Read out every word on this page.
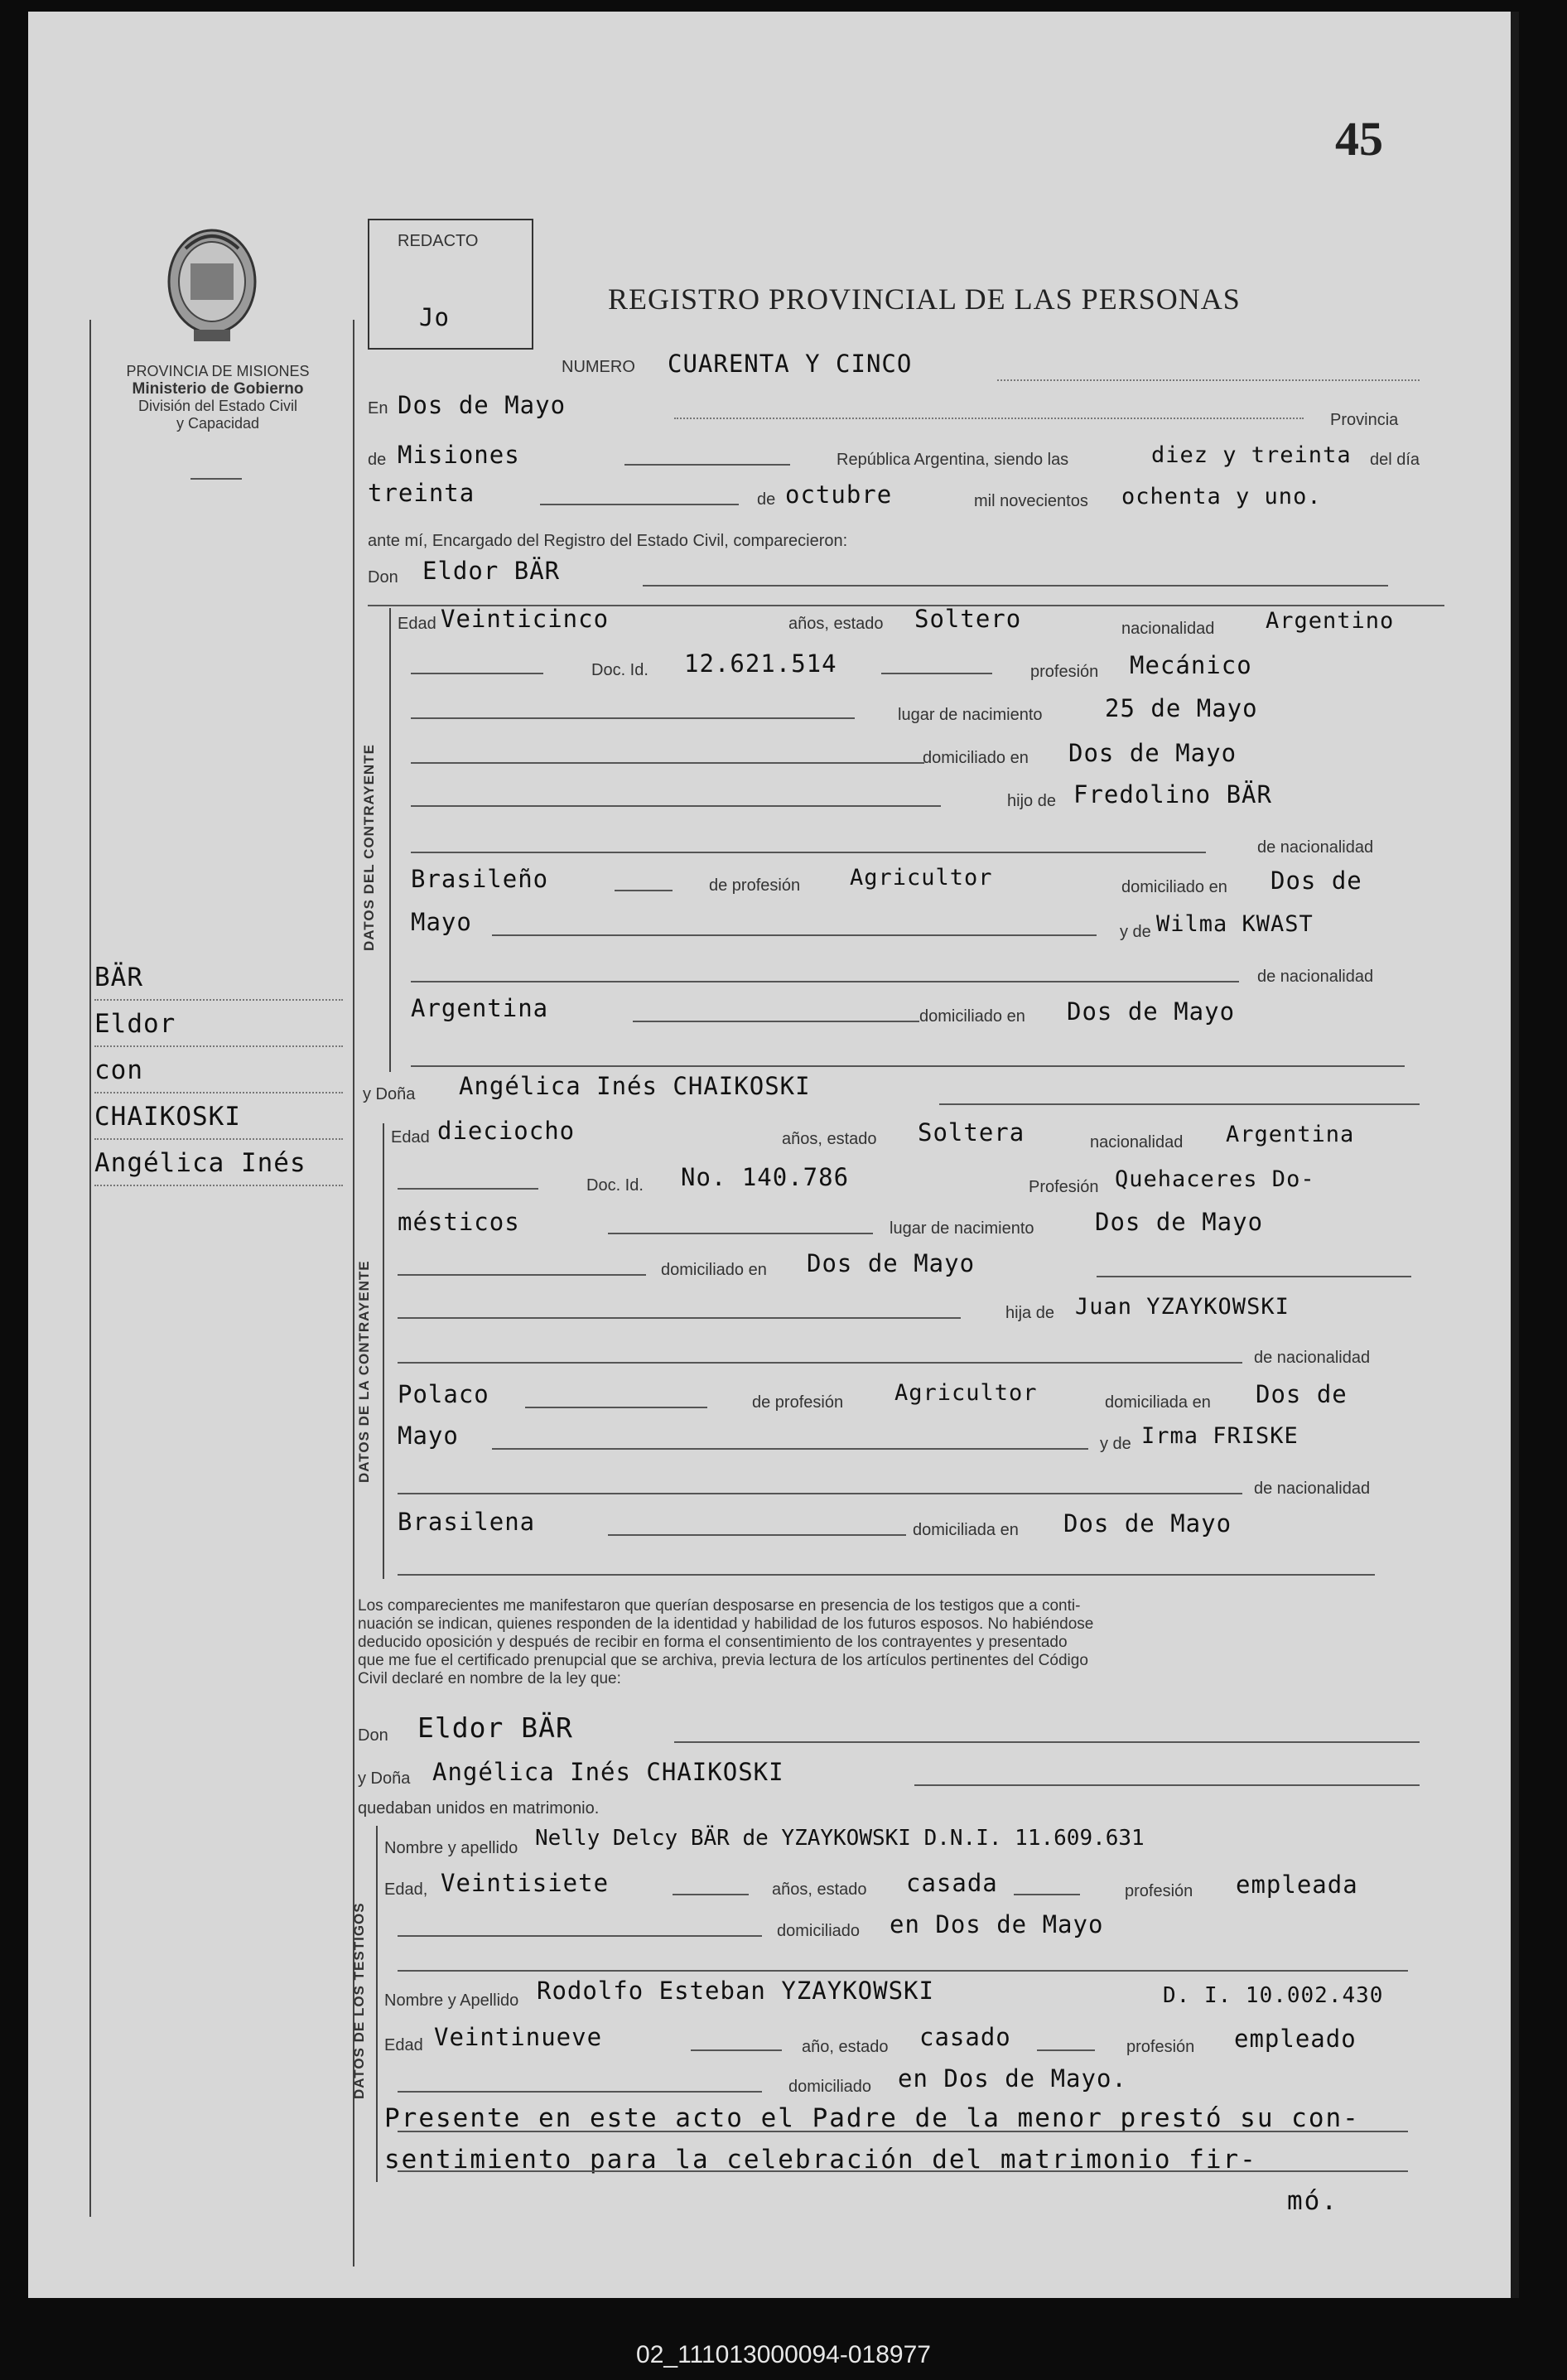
45
PROVINCIA DE MISIONES
Ministerio de Gobierno
División del Estado Civil
y Capacidad
BÄR
Eldor
con
CHAIKOSKI
Angélica Inés
REDACTO
Jo
REGISTRO PROVINCIAL DE LAS PERSONAS
NUMERO CUARENTA Y CINCO
En Dos de Mayo
Provincia
de Misiones	República Argentina, siendo las	diez y treinta del día
treinta	de octubre	mil novecientos ochenta y uno.
ante mí, Encargado del Registro del Estado Civil, comparecieron:
Don Eldor BÄR
DATOS DEL CONTRAYENTE
Edad Veinticinco	años, estado Soltero	nacionalidad Argentino
Doc. Id. 12.621.514	profesión Mecánico
lugar de nacimiento	25 de Mayo
domiciliado en Dos de Mayo
hijo de Fredolino BÄR
de nacionalidad
Brasileño	de profesión Agricultor	domiciliado en Dos de
Mayo	y de Wilma KWAST
de nacionalidad
Argentina	domiciliado en Dos de Mayo
y Doña Angélica Inés CHAIKOSKI
DATOS DE LA CONTRAYENTE
Edad dieciocho	años, estado Soltera	nacionalidad Argentina
Doc. Id. No. 140.786	Profesión Quehaceres Do-
mésticos	lugar de nacimiento	Dos de Mayo
domiciliado en Dos de Mayo
hija de Juan YZAYKOWSKI
de nacionalidad
Polaco	de profesión Agricultor	domiciliada en Dos de
Mayo	y de Irma FRISKE
de nacionalidad
Brasilena	domiciliada en Dos de Mayo
Los comparecientes me manifestaron que querían desposarse en presencia de los testigos que a conti-
nuación se indican, quienes responden de la identidad y habilidad de los futuros esposos. No habiéndose
deducido oposición y después de recibir en forma el consentimiento de los contrayentes y presentado
que me fue el certificado prenupcial que se archiva, previa lectura de los artículos pertinentes del Código
Civil declaré en nombre de la ley que:
Don Eldor BÄR
y Doña Angélica Inés CHAIKOSKI
quedaban unidos en matrimonio.
DATOS DE LOS TESTIGOS
Nombre y apellido Nelly Delcy BÄR de YZAYKOWSKI D.N.I. 11.609.631
Edad, Veintisiete	años, estado casada	profesión empleada
domiciliado en Dos de Mayo
Nombre y Apellido Rodolfo Esteban YZAYKOWSKI	D. I. 10.002.430
Edad Veintinueve	año, estado casado	profesión empleado
domiciliado en Dos de Mayo.
Presente en este acto el Padre de la menor prestó su con-
sentimiento para la celebración del matrimonio fir-
mó.
02_111013000094-018977
